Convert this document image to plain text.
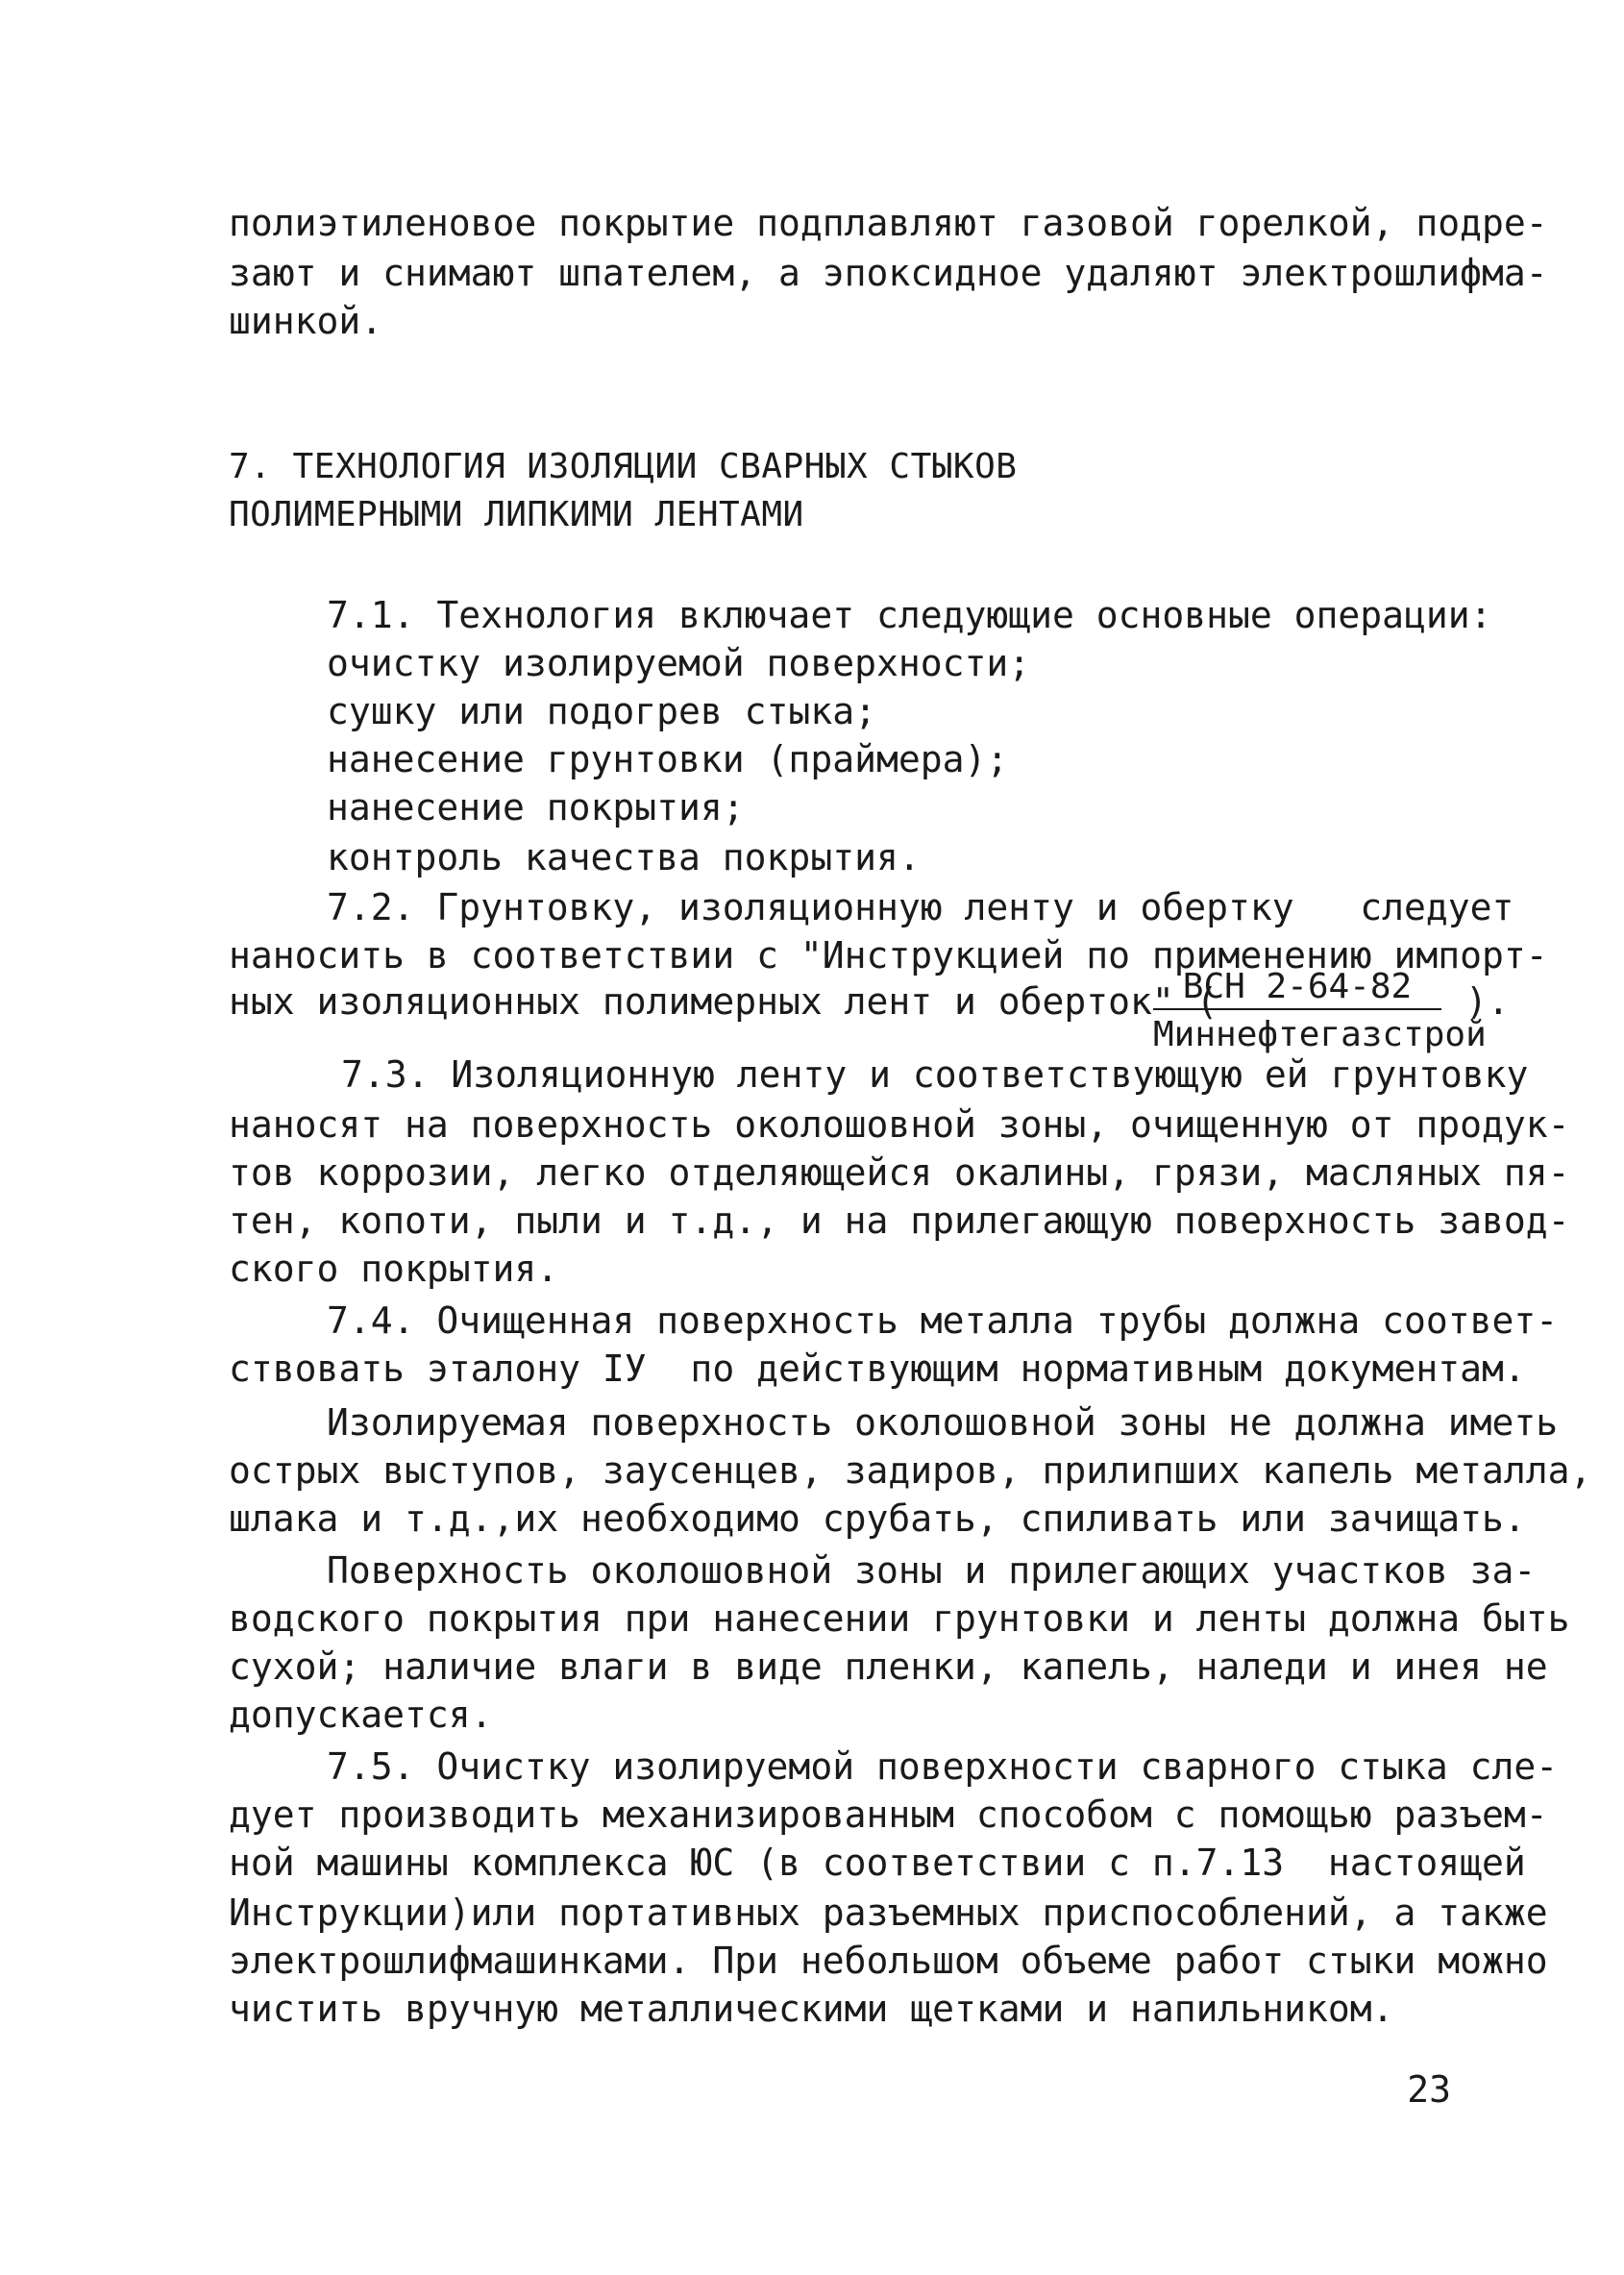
полиэтиленовое покрытие подплавляют газовой горелкой, подре-
зают и снимают шпателем, а эпоксидное удаляют электрошлифма-
шинкой.
7. ТЕХНОЛОГИЯ ИЗОЛЯЦИИ СВАРНЫХ СТЫКОВ
ПОЛИМЕРНЫМИ ЛИПКИМИ ЛЕНТАМИ
7.1. Технология включает следующие основные операции:
очистку изолируемой поверхности;
сушку или подогрев стыка;
нанесение грунтовки (праймера);
нанесение покрытия;
контроль качества покрытия.
7.2. Грунтовку, изоляционную ленту и обертку   следует
наносить в соответствии с "Инструкцией по применению импорт-
ных изоляционных полимерных лент и оберток" (	).
ВСН 2-64-82
Миннефтегазстрой
7.3. Изоляционную ленту и соответствующую ей грунтовку
наносят на поверхность околошовной зоны, очищенную от продук-
тов коррозии, легко отделяющейся окалины, грязи, масляных пя-
тен, копоти, пыли и т.д., и на прилегающую поверхность завод-
ского покрытия.
7.4. Очищенная поверхность металла трубы должна соответ-
ствовать эталону IУ  по действующим нормативным документам.
Изолируемая поверхность околошовной зоны не должна иметь
острых выступов, заусенцев, задиров, прилипших капель металла,
шлака и т.д.,их необходимо срубать, спиливать или зачищать.
Поверхность околошовной зоны и прилегающих участков за-
водского покрытия при нанесении грунтовки и ленты должна быть
сухой; наличие влаги в виде пленки, капель, наледи и инея не
допускается.
7.5. Очистку изолируемой поверхности сварного стыка сле-
дует производить механизированным способом с помощью разъем-
ной машины комплекса ЮС (в соответствии с п.7.13  настоящей
Инструкции)или портативных разъемных приспособлений, а также
электрошлифмашинками. При небольшом объеме работ стыки можно
чистить вручную металлическими щетками и напильником.
23
